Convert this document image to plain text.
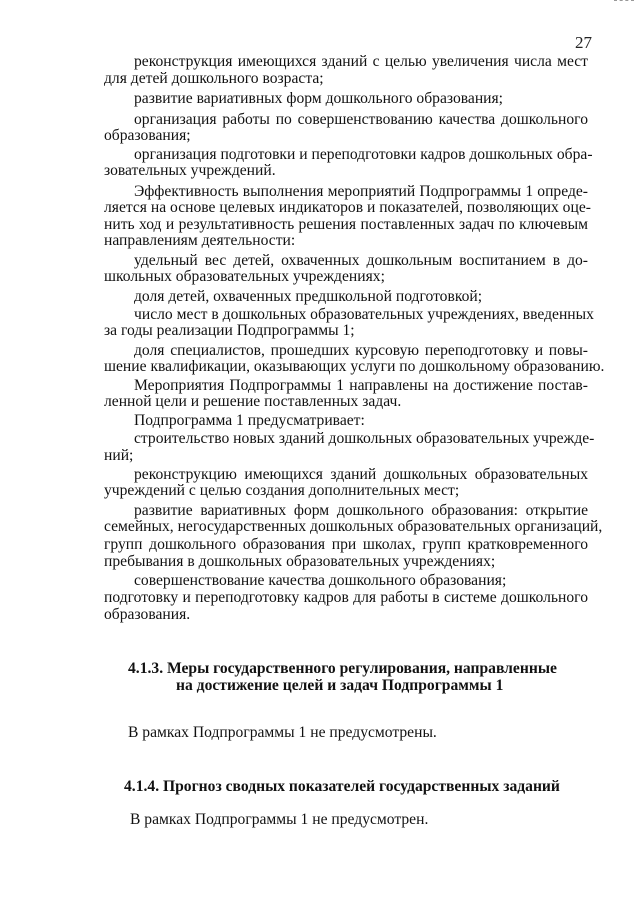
27
реконструкция имеющихся зданий с целью увеличения числа мест
для детей дошкольного возраста;
развитие вариативных форм дошкольного образования;
организация работы по совершенствованию качества дошкольного
образования;
организация подготовки и переподготовки кадров дошкольных обра-
зовательных учреждений.
Эффективность выполнения мероприятий Подпрограммы 1 опреде-
ляется на основе целевых индикаторов и показателей, позволяющих оце-
нить ход и результативность решения поставленных задач по ключевым
направлениям деятельности:
удельный вес детей, охваченных дошкольным воспитанием в до-
школьных образовательных учреждениях;
доля детей, охваченных предшкольной подготовкой;
число мест в дошкольных образовательных учреждениях, введенных
за годы реализации Подпрограммы 1;
доля специалистов, прошедших курсовую переподготовку и повы-
шение квалификации, оказывающих услуги по дошкольному образованию.
Мероприятия Подпрограммы 1 направлены на достижение постав-
ленной цели и решение поставленных задач.
Подпрограмма 1 предусматривает:
строительство новых зданий дошкольных образовательных учрежде-
ний;
реконструкцию имеющихся зданий дошкольных образовательных
учреждений с целью создания дополнительных мест;
развитие вариативных форм дошкольного образования: открытие
семейных, негосударственных дошкольных образовательных организаций,
групп дошкольного образования при школах, групп кратковременного
пребывания в дошкольных образовательных учреждениях;
совершенствование качества дошкольного образования;
подготовку и переподготовку кадров для работы в системе дошкольного
образования.
4.1.3. Меры государственного регулирования, направленные
на достижение целей и задач Подпрограммы 1
В рамках Подпрограммы 1 не предусмотрены.
4.1.4. Прогноз сводных показателей государственных заданий
В рамках Подпрограммы 1 не предусмотрен.
